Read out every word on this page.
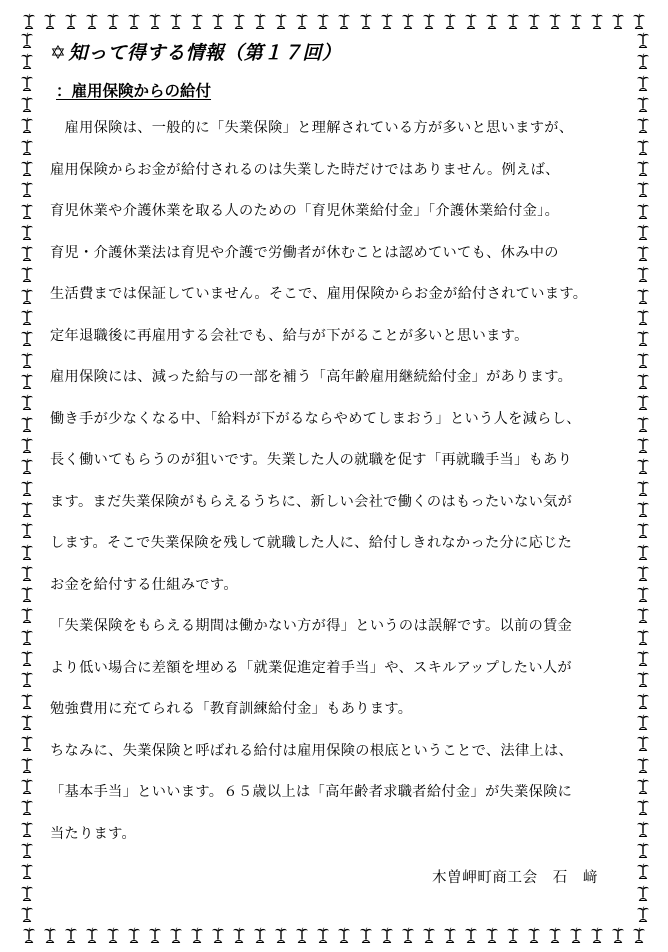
✡ 知って得する情報（第１７回）
：雇用保険からの給付

　雇用保険は、一般的に「失業保険」と理解されている方が多いと思いますが、

雇用保険からお金が給付されるのは失業した時だけではありません。例えば、

育児休業や介護休業を取る人のための「育児休業給付金」「介護休業給付金」。

育児・介護休業法は育児や介護で労働者が休むことは認めていても、休み中の

生活費までは保証していません。そこで、雇用保険からお金が給付されています。

定年退職後に再雇用する会社でも、給与が下がることが多いと思います。

雇用保険には、減った給与の一部を補う「高年齢雇用継続給付金」があります。

働き手が少なくなる中、「給料が下がるならやめてしまおう」という人を減らし、

長く働いてもらうのが狙いです。失業した人の就職を促す「再就職手当」もあり

ます。まだ失業保険がもらえるうちに、新しい会社で働くのはもったいない気が

します。そこで失業保険を残して就職した人に、給付しきれなかった分に応じた

お金を給付する仕組みです。

「失業保険をもらえる期間は働かない方が得」というのは誤解です。以前の賃金

より低い場合に差額を埋める「就業促進定着手当」や、スキルアップしたい人が

勉強費用に充てられる「教育訓練給付金」もあります。

ちなみに、失業保険と呼ばれる給付は雇用保険の根底ということで、法律上は、

「基本手当」といいます。６５歳以上は「高年齢者求職者給付金」が失業保険に

当たります。

木曽岬町商工会　石　﨑
